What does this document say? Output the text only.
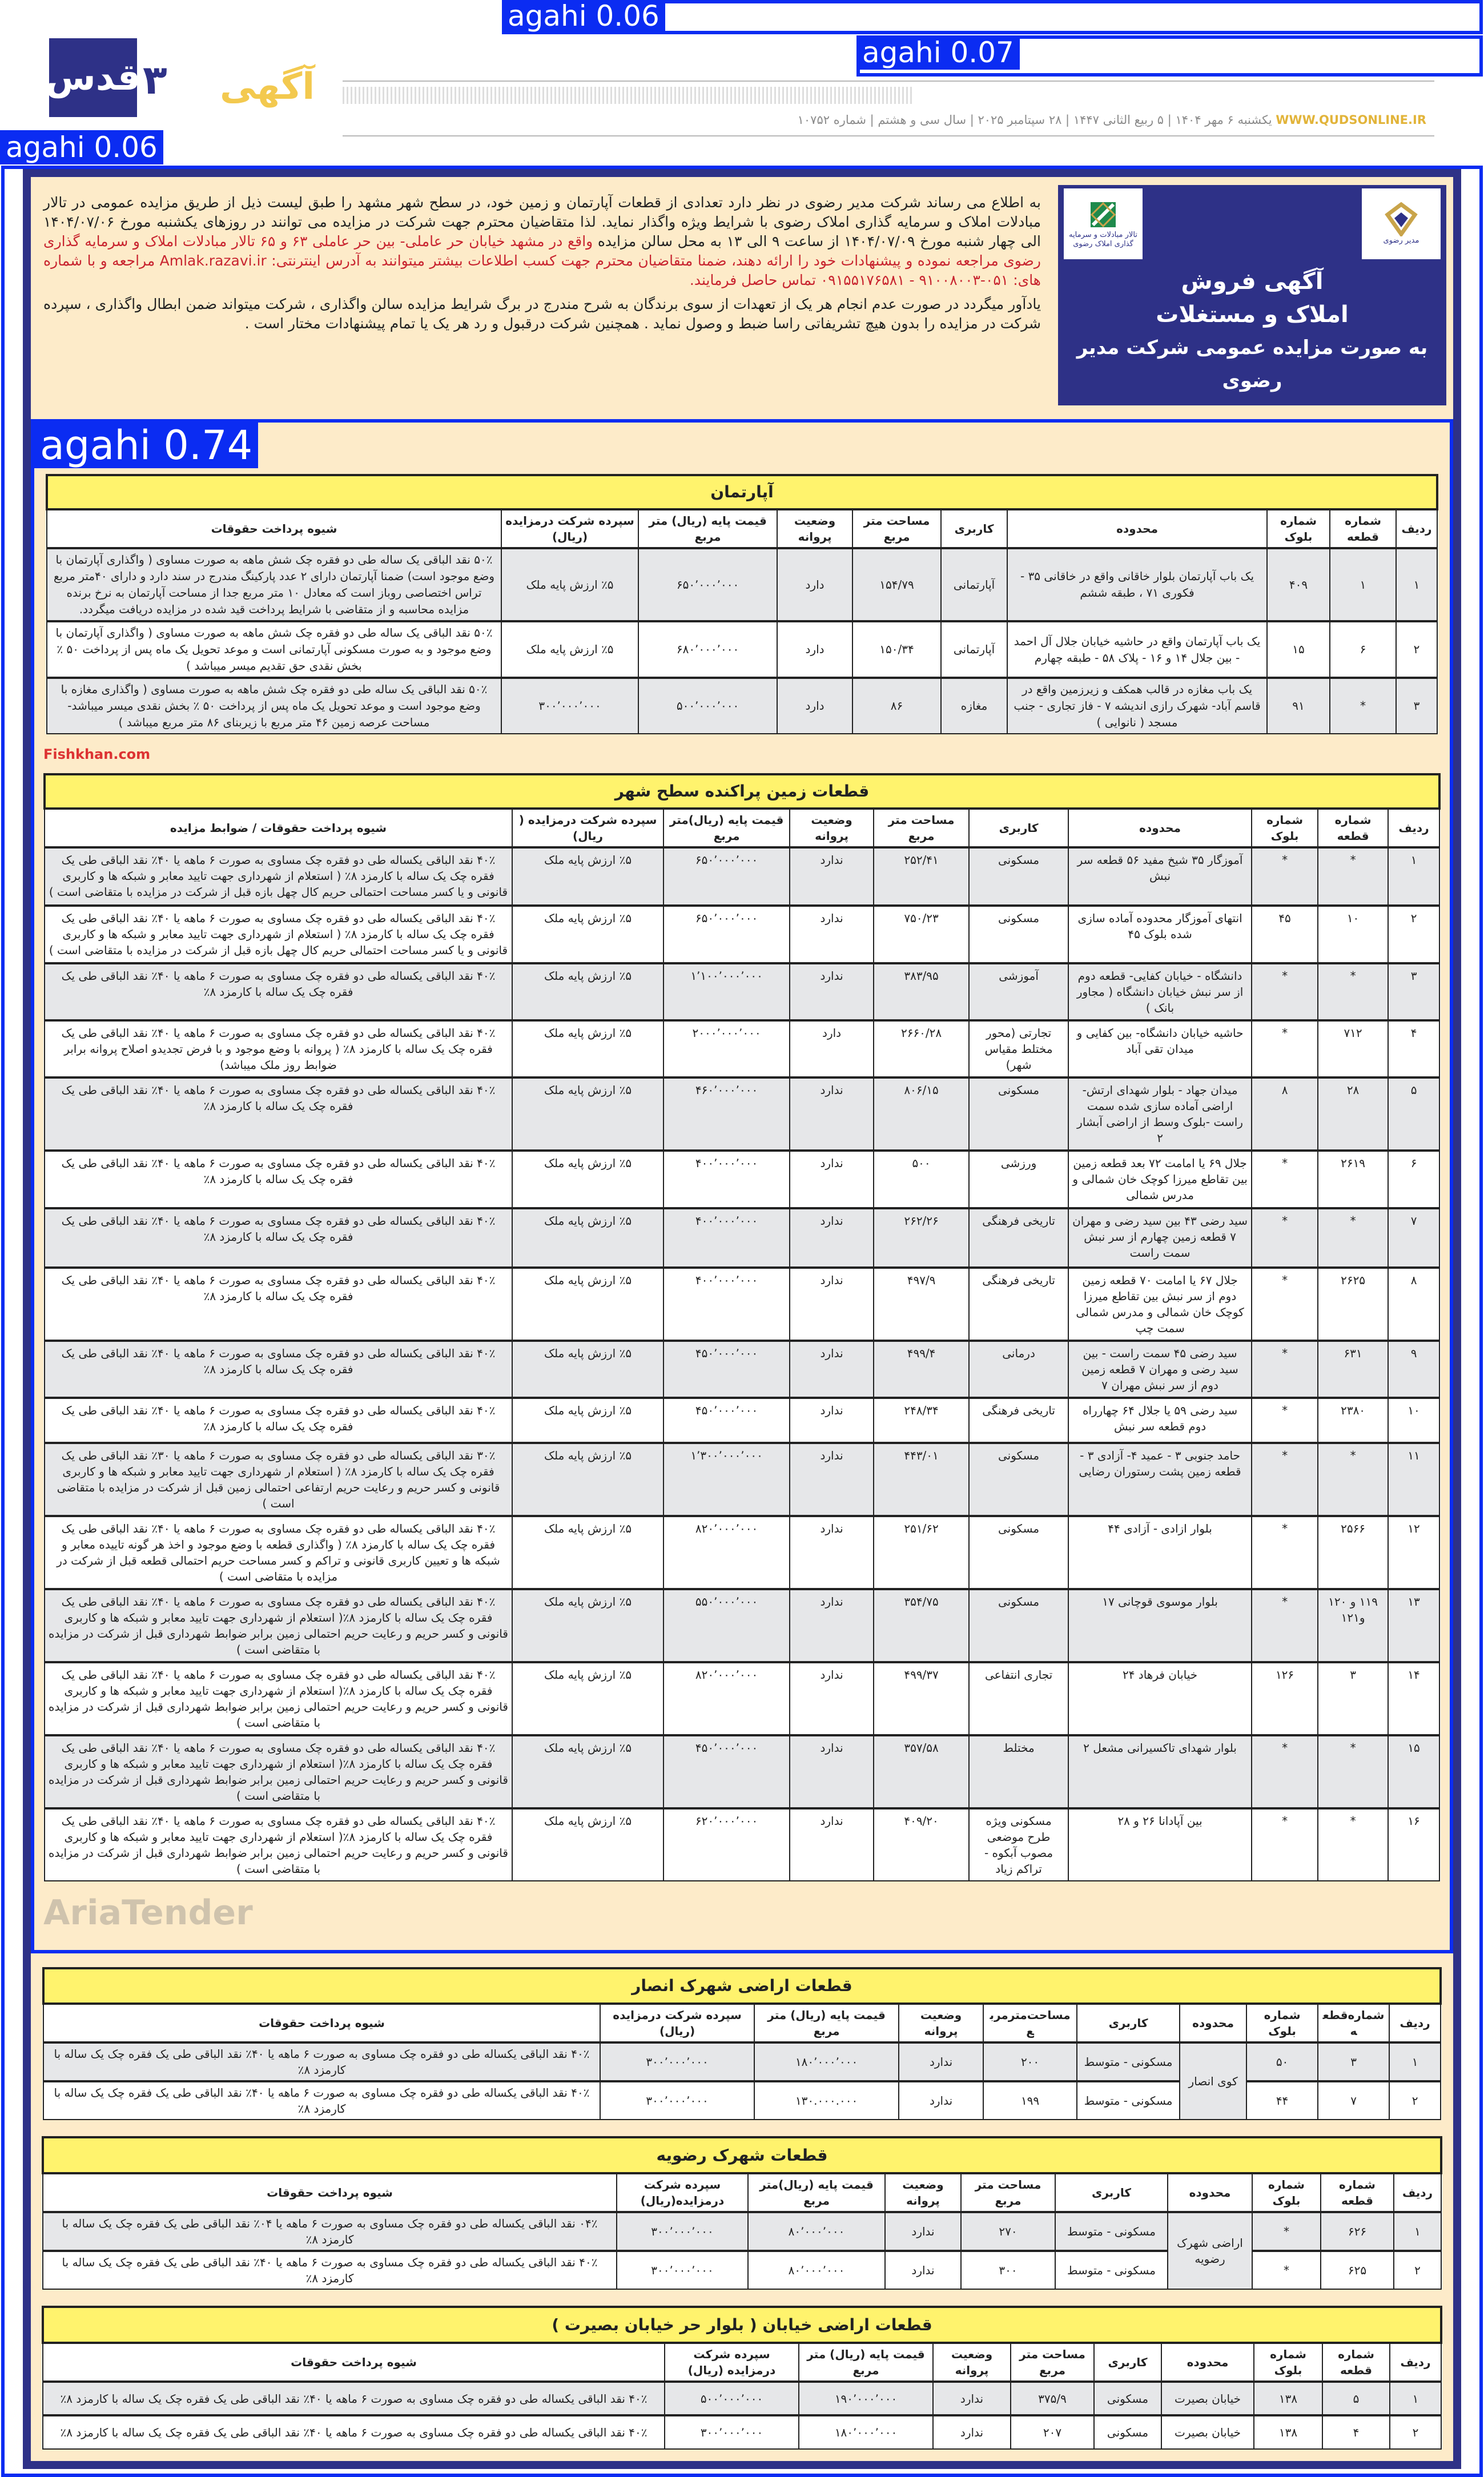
قدس ۳ آگهی
WWW.QUDSONLINE.IR یکشنبه ۶ مهر ۱۴۰۴ | ۵ ربیع الثانی ۱۴۴۷ | ۲۸ سپتامبر ۲۰۲۵ | سال سی و هشتم | شماره ۱۰۷۵۲
agahi 0.06
agahi 0.07
agahi 0.06
مدیر رضوی
تالار مبادلات و سرمایه گذاری املاک رضوی
آگهی فروش
املاک و مستغلات
به صورت مزایده عمومی شرکت مدیر رضوی

به اطلاع می رساند شرکت مدیر رضوی در نظر دارد تعدادی از قطعات آپارتمان و زمین خود، در سطح شهر مشهد را طبق لیست ذیل از طریق مزایده عمومی در تالار مبادلات املاک و سرمایه گذاری املاک رضوی با شرایط ویژه واگذار نماید. لذا متقاضیان محترم جهت شرکت در مزایده می توانند در روزهای یکشنبه مورخ ۱۴۰۴/۰۷/۰۶ الی چهار شنبه مورخ ۱۴۰۴/۰۷/۰۹ از ساعت ۹ الی ۱۳ به محل سالن مزایده واقع در مشهد خیابان حر عاملی- بین حر عاملی ۶۳ و ۶۵ تالار مبادلات املاک و سرمایه گذاری رضوی مراجعه نموده و پیشنهادات خود را ارائه دهند، ضمنا متقاضیان محترم جهت کسب اطلاعات بیشتر میتوانند به آدرس اینترنتی: Amlak.razavi.ir مراجعه و با شماره های: ۰۵۱-۹۱۰۰۸۰۰۳ - ۰۹۱۵۵۱۷۶۵۸۱ تماس حاصل فرمایند.

یادآور میگردد در صورت عدم انجام هر یک از تعهدات از سوی برندگان به شرح مندرج در برگ شرایط مزایده سالن واگذاری ، شرکت میتواند ضمن ابطال واگذاری ، سپرده شرکت در مزایده را بدون هیچ تشریفاتی راسا ضبط و وصول نماید . همچنین شرکت درقبول و رد هر یک یا تمام پیشنهادات مختار است .

agahi 0.74
آپارتمان									
ردیف	شماره قطعه	شماره بلوک	محدوده	کاربری	مساحت متر مربع	وضعیت پروانه	قیمت پایه (ریال) متر مربع	سپرده شرکت درمزایده (ریال)	شیوه پرداخت حقوقات
۱	۱	۴۰۹	یک باب آپارتمان بلوار خاقانی واقع در خاقانی ۳۵ - فکوری ۷۱ ، طبقه ششم	آپارتمانی	۱۵۴/۷۹	دارد	۶۵۰٬۰۰۰٬۰۰۰	٪۵ ارزش پایه ملک	۵۰٪ نقد الباقی یک ساله طی دو فقره چک شش ماهه به صورت مساوی ( واگذاری آپارتمان با وضع موجود است) ضمنا آپارتمان دارای ۲ عدد پارکینگ مندرج در سند دارد و دارای ۴۰متر مربع تراس اختصاصی روباز است که معادل ۱۰ متر مربع جدا از مساحت آپارتمان به نرخ برنده مزایده محاسبه و از متقاضی با شرایط پرداخت قید شده در مزایده دریافت میگردد.
۲	۶	۱۵	یک باب آپارتمان واقع در حاشیه خیابان جلال آل احمد - بین جلال ۱۴ و ۱۶ - پلاک ۵۸ - طبقه چهارم	آپارتمانی	۱۵۰/۳۴	دارد	۶۸۰٬۰۰۰٬۰۰۰	٪۵ ارزش پایه ملک	۵۰٪ نقد الباقی یک ساله طی دو فقره چک شش ماهه به صورت مساوی ( واگذاری آپارتمان با وضع موجود و به صورت مسکونی آپارتمانی است و موعد تحویل یک ماه پس از پرداخت ۵۰ ٪ بخش نقدی حق تقدیم میسر میباشد )
۳	*	۹۱	یک باب مغازه در قالب همکف و زیرزمین واقع در قاسم آباد- شهرک رازی اندیشه ۷ - فاز تجاری - جنب مسجد ( نانوایی )	مغازه	۸۶	دارد	۵۰۰٬۰۰۰٬۰۰۰	۳۰۰٬۰۰۰٬۰۰۰	۵۰٪ نقد الباقی یک ساله طی دو فقره چک شش ماهه به صورت مساوی ( واگذاری مغازه با وضع موجود است و موعد تحویل یک ماه پس از پرداخت ۵۰ ٪ بخش نقدی میسر میباشد- مساحت عرصه زمین ۴۶ متر مربع با زیربنای ۸۶ متر مربع میباشد )
Fishkhan.com
قطعات زمین پراکنده سطح شهر									
ردیف	شماره قطعه	شماره بلوک	محدوده	کاربری	مساحت متر مربع	وضعیت پروانه	قیمت پایه (ریال)متر مربع	سپرده شرکت درمزایده ( ریال)	شیوه پرداخت حقوقات / ضوابط مزایده
۱	*	*	آموزگار ۳۵ شیخ مفید ۵۶ قطعه سر نبش	مسکونی	۲۵۲/۴۱	ندارد	۶۵۰٬۰۰۰٬۰۰۰	٪۵ ارزش پایه ملک	۴۰٪ نقد الباقی یکساله طی دو فقره چک مساوی به صورت ۶ ماهه یا ۴۰٪ نقد الباقی طی یک فقره چک یک ساله با کارمزد ۸٪ ( استعلام از شهرداری جهت تایید معابر و شبکه ها و کاربری قانونی و یا کسر مساحت احتمالی حریم کال چهل بازه قبل از شرکت در مزایده با متقاضی است )
۲	۱۰	۴۵	انتهای آموزگار محدوده آماده سازی شده بلوک ۴۵	مسکونی	۷۵۰/۲۳	ندارد	۶۵۰٬۰۰۰٬۰۰۰	٪۵ ارزش پایه ملک	۴۰٪ نقد الباقی یکساله طی دو فقره چک مساوی به صورت ۶ ماهه یا ۴۰٪ نقد الباقی طی یک فقره چک یک ساله با کارمزد ۸٪ ( استعلام از شهرداری جهت تایید معابر و شبکه ها و کاربری قانونی و یا کسر مساحت احتمالی حریم کال چهل بازه قبل از شرکت در مزایده با متقاضی است )
۳	*	*	دانشگاه - خیابان کفایی- قطعه دوم از سر نبش خیابان دانشگاه ( مجاور بانک )	آموزشی	۳۸۳/۹۵	ندارد	۱٬۱۰۰٬۰۰۰٬۰۰۰	٪۵ ارزش پایه ملک	۴۰٪ نقد الباقی یکساله طی دو فقره چک مساوی به صورت ۶ ماهه یا ۴۰٪ نقد الباقی طی یک فقره چک یک ساله با کارمزد ۸٪
۴	۷۱۲	*	حاشیه خیابان دانشگاه- بین کفایی و میدان تقی آباد	تجارتی (محور مختلط مقیاس شهر)	۲۶۶۰/۲۸	دارد	۲۰۰۰٬۰۰۰٬۰۰۰	٪۵ ارزش پایه ملک	۴۰٪ نقد الباقی یکساله طی دو فقره چک مساوی به صورت ۶ ماهه یا ۴۰٪ نقد الباقی طی یک فقره چک یک ساله با کارمزد ۸٪ ( پروانه با وضع موجود و با فرض تجدیدو اصلاح پروانه برابر ضوابط روز ملک میباشد)
۵	۲۸	۸	میدان جهاد - بلوار شهدای ارتش- اراضی آماده سازی شده سمت راست -بلوک وسط از اراضی آبشار ۲	مسکونی	۸۰۶/۱۵	ندارد	۴۶۰٬۰۰۰٬۰۰۰	٪۵ ارزش پایه ملک	۴۰٪ نقد الباقی یکساله طی دو فقره چک مساوی به صورت ۶ ماهه یا ۴۰٪ نقد الباقی طی یک فقره چک یک ساله با کارمزد ۸٪
۶	۲۶۱۹	*	جلال ۶۹ یا امامت ۷۲ بعد قطعه زمین بین تقاطع میرزا کوچک خان شمالی و مدرس شمالی	ورزشی	۵۰۰	ندارد	۴۰۰٬۰۰۰٬۰۰۰	٪۵ ارزش پایه ملک	۴۰٪ نقد الباقی یکساله طی دو فقره چک مساوی به صورت ۶ ماهه یا ۴۰٪ نقد الباقی طی یک فقره چک یک ساله با کارمزد ۸٪
۷	*	*	سید رضی ۴۳ بین سید رضی و مهران ۷ قطعه زمین چهارم از سر نبش سمت راست	تاریخی فرهنگی	۲۶۲/۲۶	ندارد	۴۰۰٬۰۰۰٬۰۰۰	٪۵ ارزش پایه ملک	۴۰٪ نقد الباقی یکساله طی دو فقره چک مساوی به صورت ۶ ماهه یا ۴۰٪ نقد الباقی طی یک فقره چک یک ساله با کارمزد ۸٪
۸	۲۶۲۵	*	جلال ۶۷ یا امامت ۷۰ قطعه زمین دوم از سر نبش بین تقاطع میرزا کوچک خان شمالی و مدرس شمالی سمت چپ	تاریخی فرهنگی	۴۹۷/۹	ندارد	۴۰۰٬۰۰۰٬۰۰۰	٪۵ ارزش پایه ملک	۴۰٪ نقد الباقی یکساله طی دو فقره چک مساوی به صورت ۶ ماهه یا ۴۰٪ نقد الباقی طی یک فقره چک یک ساله با کارمزد ۸٪
۹	۶۳۱	*	سید رضی ۴۵ سمت راست - بین سید رضی و مهران ۷ قطعه زمین دوم از سر نبش مهران ۷	درمانی	۴۹۹/۴	ندارد	۴۵۰٬۰۰۰٬۰۰۰	٪۵ ارزش پایه ملک	۴۰٪ نقد الباقی یکساله طی دو فقره چک مساوی به صورت ۶ ماهه یا ۴۰٪ نقد الباقی طی یک فقره چک یک ساله با کارمزد ۸٪
۱۰	۲۳۸۰	*	سید رضی ۵۹ یا جلال ۶۴ چهارراه دوم قطعه سر نبش	تاریخی فرهنگی	۲۴۸/۳۴	ندارد	۴۵۰٬۰۰۰٬۰۰۰	٪۵ ارزش پایه ملک	۴۰٪ نقد الباقی یکساله طی دو فقره چک مساوی به صورت ۶ ماهه یا ۴۰٪ نقد الباقی طی یک فقره چک یک ساله با کارمزد ۸٪
۱۱	*	*	حامد جنوبی ۳ - عمید ۴- آزادی ۳ - قطعه زمین پشت رستوران رضایی	مسکونی	۴۴۳/۰۱	ندارد	۱٬۳۰۰٬۰۰۰٬۰۰۰	٪۵ ارزش پایه ملک	۳۰٪ نقد الباقی یکساله طی دو فقره چک مساوی به صورت ۶ ماهه یا ۳۰٪ نقد الباقی طی یک فقره چک یک ساله با کارمزد ۸٪ ( استعلام ار شهرداری جهت تایید معابر و شبکه ها و کاربری قانونی و کسر حریم و رعایت حریم ارتفاعی احتمالی زمین قبل از شرکت در مزایده با متقاضی است )
۱۲	۲۵۶۶	*	بلوار ازادی - آزادی ۴۴	مسکونی	۲۵۱/۶۲	ندارد	۸۲۰٬۰۰۰٬۰۰۰	٪۵ ارزش پایه ملک	۴۰٪ نقد الباقی یکساله طی دو فقره چک مساوی به صورت ۶ ماهه یا ۴۰٪ نقد الباقی طی یک فقره چک یک ساله با کارمزد ۸٪ ( واگذاری قطعه با وضع موجود و اخذ هر گونه تاییده معابر و شبکه ها و تعیین کاربری قانونی و تراکم و کسر مساحت حریم احتمالی قطعه قبل از شرکت در مزایده با متقاضی است )
۱۳	۱۱۹ و ۱۲۰ و۱۲۱	*	بلوار موسوی قوچانی ۱۷	مسکونی	۳۵۴/۷۵	ندارد	۵۵۰٬۰۰۰٬۰۰۰	٪۵ ارزش پایه ملک	۴۰٪ نقد الباقی یکساله طی دو فقره چک مساوی به صورت ۶ ماهه یا ۴۰٪ نقد الباقی طی یک فقره چک یک ساله با کارمزد ۸٪( استعلام از شهرداری جهت تایید معابر و شبکه ها و کاربری قانونی و کسر حریم و رعایت حریم احتمالی زمین برابر ضوابط شهرداری قبل از شرکت در مزایده با متقاضی است )
۱۴	۳	۱۲۶	خیابان فرهاد ۲۴	تجاری انتفاعی	۴۹۹/۳۷	ندارد	۸۲۰٬۰۰۰٬۰۰۰	٪۵ ارزش پایه ملک	۴۰٪ نقد الباقی یکساله طی دو فقره چک مساوی به صورت ۶ ماهه یا ۴۰٪ نقد الباقی طی یک فقره چک یک ساله با کارمزد ۸٪( استعلام از شهرداری جهت تایید معابر و شبکه ها و کاربری قانونی و کسر حریم و رعایت حریم احتمالی زمین برابر ضوابط شهرداری قبل از شرکت در مزایده با متقاضی است )
۱۵	*	*	بلوار شهدای تاکسیرانی مشعل ۲	مختلط	۳۵۷/۵۸	ندارد	۴۵۰٬۰۰۰٬۰۰۰	٪۵ ارزش پایه ملک	۴۰٪ نقد الباقی یکساله طی دو فقره چک مساوی به صورت ۶ ماهه یا ۴۰٪ نقد الباقی طی یک فقره چک یک ساله با کارمزد ۸٪( استعلام از شهرداری جهت تایید معابر و شبکه ها و کاربری قانونی و کسر حریم و رعایت حریم احتمالی زمین برابر ضوابط شهرداری قبل از شرکت در مزایده با متقاضی است )
۱۶	*	*	بین آپادانا ۲۶ و ۲۸	مسکونی ویژه طرح موضعی مصوب آبکوه - تراکم زیاد	۴۰۹/۲۰	ندارد	۶۲۰٬۰۰۰٬۰۰۰	٪۵ ارزش پایه ملک	۴۰٪ نقد الباقی یکساله طی دو فقره چک مساوی به صورت ۶ ماهه یا ۴۰٪ نقد الباقی طی یک فقره چک یک ساله با کارمزد ۸٪( استعلام از شهرداری جهت تایید معابر و شبکه ها و کاربری قانونی و کسر حریم و رعایت حریم احتمالی زمین برابر ضوابط شهرداری قبل از شرکت در مزایده با متقاضی است )
AriaTender
قطعات اراضی شهرک انصار									
ردیف	شماره‌قطعه	شماره بلوک	محدوده	کاربری	مساحت‌مترمربع	وضعیت پروانه	قیمت پایه (ریال) متر مربع	سپرده شرکت درمزایده (ریال)	شیوه پرداخت حقوقات
۱	۳	۵۰	کوی انصار	مسکونی - متوسط	۲۰۰	ندارد	۱۸۰٬۰۰۰٬۰۰۰	۳۰۰٬۰۰۰٬۰۰۰	۴۰٪ نقد الباقی یکساله طی دو فقره چک مساوی به صورت ۶ ماهه یا ۴۰٪ نقد الباقی طی یک فقره چک یک ساله با کارمزد ۸٪
۲	۷	۴۴		مسکونی - متوسط	۱۹۹	ندارد	۱۳۰.۰۰۰.۰۰۰	۳۰۰٬۰۰۰٬۰۰۰	۴۰٪ نقد الباقی یکساله طی دو فقره چک مساوی به صورت ۶ ماهه یا ۴۰٪ نقد الباقی طی یک فقره چک یک ساله با کارمزد ۸٪
قطعات شهرک رضویه									
ردیف	شماره قطعه	شماره بلوک	محدوده	کاربری	مساحت متر مربع	وضعیت پروانه	قیمت پایه (ریال)متر مربع	سپرده شرکت درمزایده(ریال)	شیوه پرداخت حقوقات
۱	۶۲۶	*	اراضی شهرک رضویه	مسکونی - متوسط	۲۷۰	ندارد	۸۰٬۰۰۰٬۰۰۰	۳۰۰٬۰۰۰٬۰۰۰	۰۴٪ نقد الباقی یکساله طی دو فقره چک مساوی به صورت ۶ ماهه یا ۰۴٪ نقد الباقی طی یک فقره چک یک ساله با کارمزد ۸٪
۲	۶۲۵	*		مسکونی - متوسط	۳۰۰	ندارد	۸۰٬۰۰۰٬۰۰۰	۳۰۰٬۰۰۰٬۰۰۰	۴۰٪ نقد الباقی یکساله طی دو فقره چک مساوی به صورت ۶ ماهه یا ۴۰٪ نقد الباقی طی یک فقره چک یک ساله با کارمزد ۸٪
قطعات اراضی خیابان ( بلوار حر خیابان بصیرت )									
ردیف	شماره قطعه	شماره بلوک	محدوده	کاربری	مساحت متر مربع	وضعیت پروانه	قیمت پایه (ریال) متر مربع	سپرده شرکت درمزایده (ریال)	شیوه پرداخت حقوقات
۱	۵	۱۳۸	خیابان بصیرت	مسکونی	۳۷۵/۹	ندارد	۱۹۰٬۰۰۰٬۰۰۰	۵۰۰٬۰۰۰٬۰۰۰	۴۰٪ نقد الباقی یکساله طی دو فقره چک مساوی به صورت ۶ ماهه یا ۴۰٪ نقد الباقی طی یک فقره چک یک ساله با کارمزد ۸٪
۲	۴	۱۳۸	خیابان بصیرت	مسکونی	۲۰۷	ندارد	۱۸۰٬۰۰۰٬۰۰۰	۳۰۰٬۰۰۰٬۰۰۰	۴۰٪ نقد الباقی یکساله طی دو فقره چک مساوی به صورت ۶ ماهه یا ۴۰٪ نقد الباقی طی یک فقره چک یک ساله با کارمزد ۸٪
